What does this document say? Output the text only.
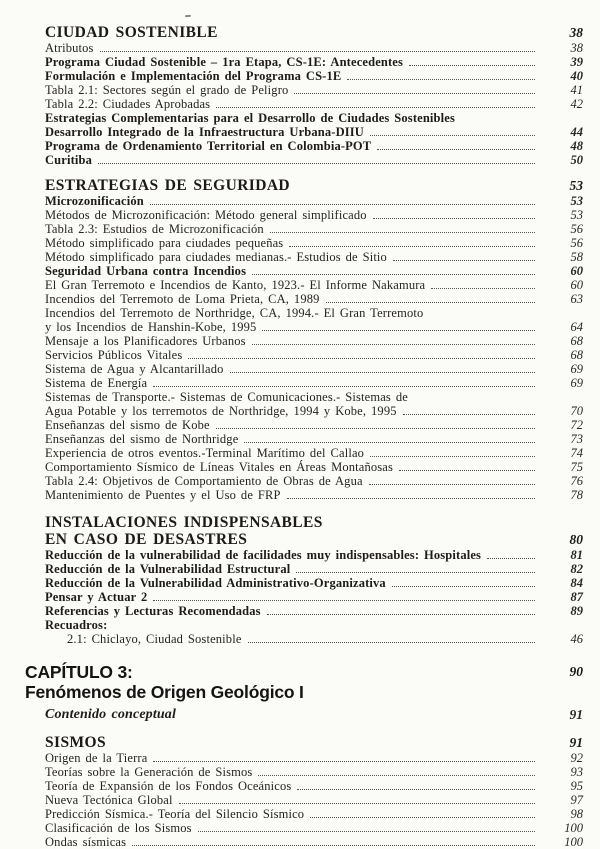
CIUDAD SOSTENIBLE	38
Atributos	38
Programa Ciudad Sostenible – 1ra Etapa, CS-1E: Antecedentes	39
Formulación e Implementación del Programa CS-1E	40
Tabla 2.1: Sectores según el grado de Peligro	41
Tabla 2.2: Ciudades Aprobadas	42
Estrategias Complementarias para el Desarrollo de Ciudades Sostenibles
Desarrollo Integrado de la Infraestructura Urbana-DIIU	44
Programa de Ordenamiento Territorial en Colombia-POT	48
Curitiba	50
ESTRATEGIAS DE SEGURIDAD	53
Microzonificación	53
Métodos de Microzonificación: Método general simplificado	53
Tabla 2.3: Estudios de Microzonificación	56
Método simplificado para ciudades pequeñas	56
Método simplificado para ciudades medianas.- Estudios de Sitio	58
Seguridad Urbana contra Incendios	60
El Gran Terremoto e Incendios de Kanto, 1923.- El Informe Nakamura	60
Incendios del Terremoto de Loma Prieta, CA, 1989	63
Incendios del Terremoto de Northridge, CA, 1994.- El Gran Terremoto
y los Incendios de Hanshin-Kobe, 1995	64
Mensaje a los Planificadores Urbanos	68
Servicios Públicos Vitales	68
Sistema de Agua y Alcantarillado	69
Sistema de Energía	69
Sistemas de Transporte.- Sistemas de Comunicaciones.- Sistemas de
Agua Potable y los terremotos de Northridge, 1994 y Kobe, 1995	70
Enseñanzas del sismo de Kobe	72
Enseñanzas del sismo de Northridge	73
Experiencia de otros eventos.-Terminal Marítimo del Callao	74
Comportamiento Sísmico de Líneas Vitales en Áreas Montañosas	75
Tabla 2.4: Objetivos de Comportamiento de Obras de Agua	76
Mantenimiento de Puentes y el Uso de FRP	78
INSTALACIONES INDISPENSABLES
EN CASO DE DESASTRES	80
Reducción de la vulnerabilidad de facilidades muy indispensables: Hospitales	81
Reducción de la Vulnerabilidad Estructural	82
Reducción de la Vulnerabilidad Administrativo-Organizativa	84
Pensar y Actuar 2	87
Referencias y Lecturas Recomendadas	89
Recuadros:
2.1: Chiclayo, Ciudad Sostenible	46
CAPÍTULO 3:	90
Fenómenos de Origen Geológico I
Contenido conceptual	91
SISMOS	91
Origen de la Tierra	92
Teorías sobre la Generación de Sismos	93
Teoría de Expansión de los Fondos Oceánicos	95
Nueva Tectónica Global	97
Predicción Sísmica.- Teoría del Silencio Sísmico	98
Clasificación de los Sismos	100
Ondas sísmicas	100
